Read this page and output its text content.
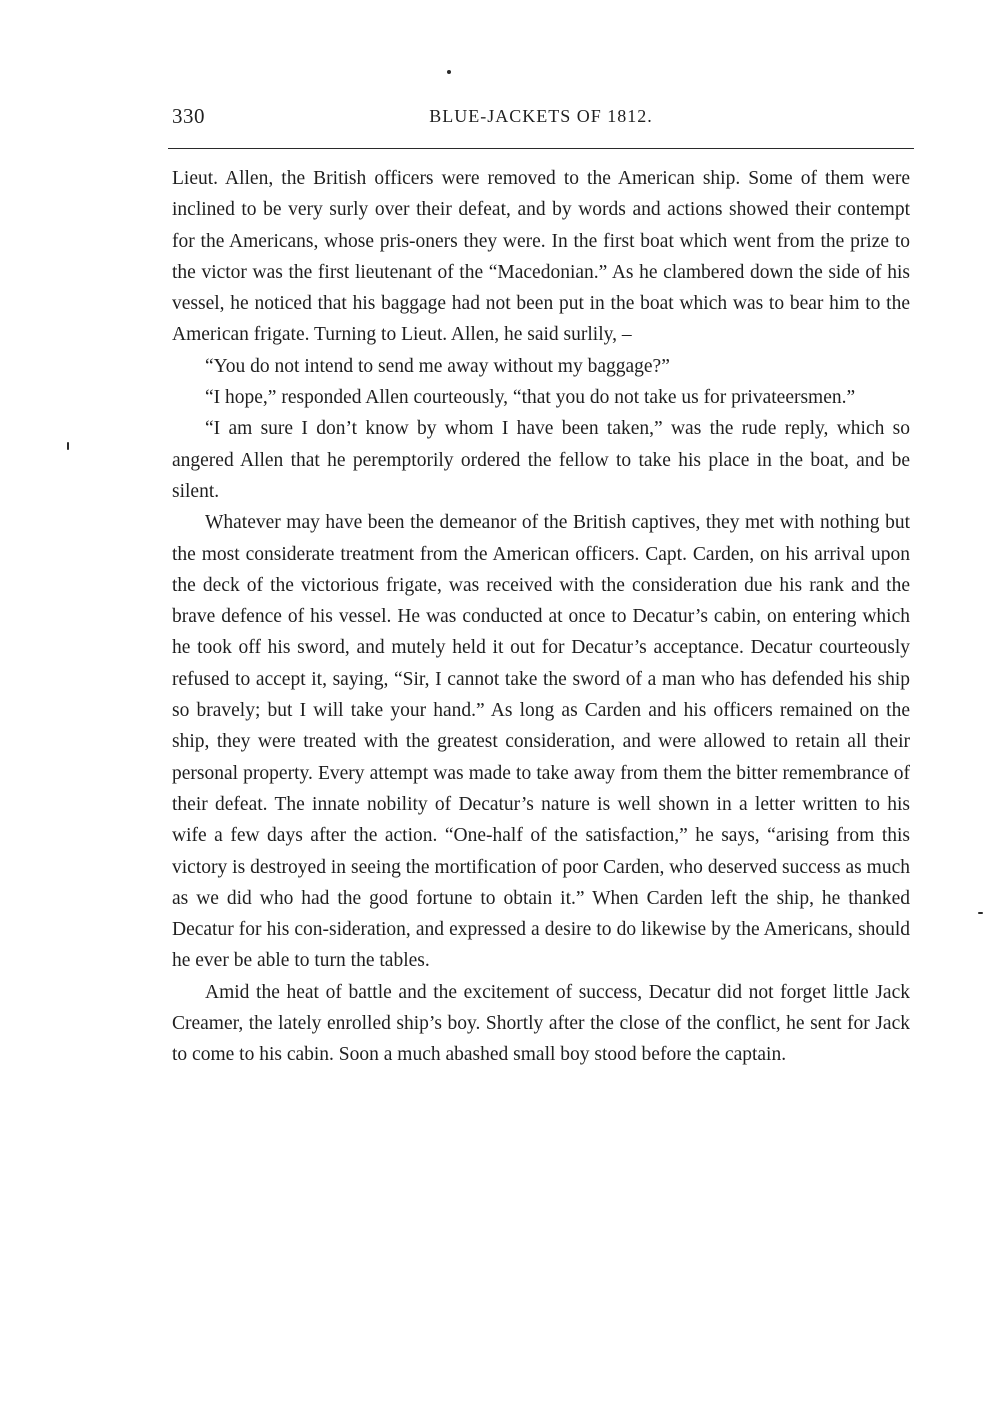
330	BLUE-JACKETS OF 1812.

Lieut. Allen, the British officers were removed to the American ship. Some of them were inclined to be very surly over their defeat, and by words and actions showed their contempt for the Americans, whose pris-oners they were. In the first boat which went from the prize to the victor was the first lieutenant of the “Macedonian.” As he clambered down the side of his vessel, he noticed that his baggage had not been put in the boat which was to bear him to the American frigate. Turning to Lieut. Allen, he said surlily, –

“You do not intend to send me away without my baggage?”

“I hope,” responded Allen courteously, “that you do not take us for privateersmen.”

“I am sure I don’t know by whom I have been taken,” was the rude reply, which so angered Allen that he peremptorily ordered the fellow to take his place in the boat, and be silent.

Whatever may have been the demeanor of the British captives, they met with nothing but the most considerate treatment from the American officers. Capt. Carden, on his arrival upon the deck of the victorious frigate, was received with the consideration due his rank and the brave defence of his vessel. He was conducted at once to Decatur’s cabin, on entering which he took off his sword, and mutely held it out for Decatur’s acceptance. Decatur courteously refused to accept it, saying, “Sir, I cannot take the sword of a man who has defended his ship so bravely; but I will take your hand.” As long as Carden and his officers remained on the ship, they were treated with the greatest consideration, and were allowed to retain all their personal property. Every attempt was made to take away from them the bitter remembrance of their defeat. The innate nobility of Decatur’s nature is well shown in a letter written to his wife a few days after the action. “One-half of the satisfaction,” he says, “arising from this victory is destroyed in seeing the mortification of poor Carden, who deserved success as much as we did who had the good fortune to obtain it.” When Carden left the ship, he thanked Decatur for his con-sideration, and expressed a desire to do likewise by the Americans, should he ever be able to turn the tables.

Amid the heat of battle and the excitement of success, Decatur did not forget little Jack Creamer, the lately enrolled ship’s boy. Shortly after the close of the conflict, he sent for Jack to come to his cabin. Soon a much abashed small boy stood before the captain.
